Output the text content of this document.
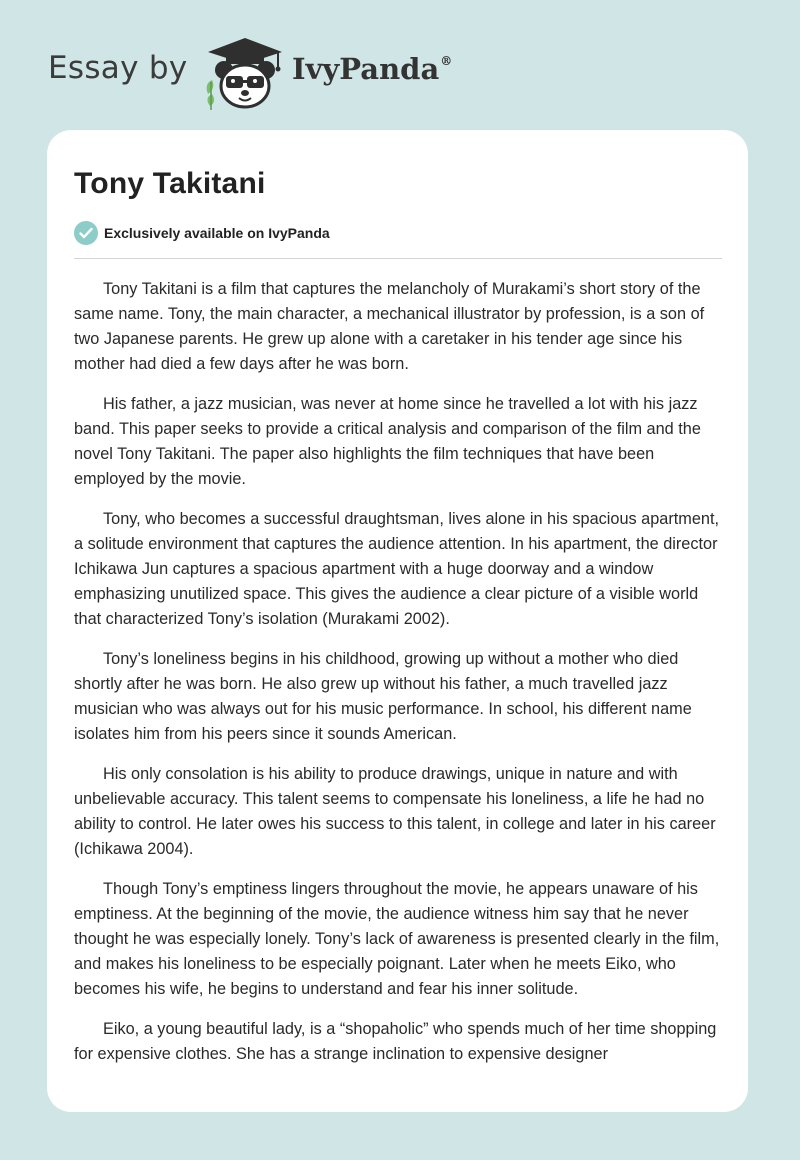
Essay by	IvyPanda®
Tony Takitani
Exclusively available on IvyPanda

Tony Takitani is a film that captures the melancholy of Murakami’s short story of the same name. Tony, the main character, a mechanical illustrator by profession, is a son of two Japanese parents. He grew up alone with a caretaker in his tender age since his mother had died a few days after he was born.

His father, a jazz musician, was never at home since he travelled a lot with his jazz band. This paper seeks to provide a critical analysis and comparison of the film and the novel Tony Takitani. The paper also highlights the film techniques that have been employed by the movie.

Tony, who becomes a successful draughtsman, lives alone in his spacious apartment, a solitude environment that captures the audience attention. In his apartment, the director Ichikawa Jun captures a spacious apartment with a huge doorway and a window emphasizing unutilized space. This gives the audience a clear picture of a visible world that characterized Tony’s isolation (Murakami 2002).

Tony’s loneliness begins in his childhood, growing up without a mother who died shortly after he was born. He also grew up without his father, a much travelled jazz musician who was always out for his music performance. In school, his different name isolates him from his peers since it sounds American.

His only consolation is his ability to produce drawings, unique in nature and with unbelievable accuracy. This talent seems to compensate his loneliness, a life he had no ability to control. He later owes his success to this talent, in college and later in his career (Ichikawa 2004).

Though Tony’s emptiness lingers throughout the movie, he appears unaware of his emptiness. At the beginning of the movie, the audience witness him say that he never thought he was especially lonely. Tony’s lack of awareness is presented clearly in the film, and makes his loneliness to be especially poignant. Later when he meets Eiko, who becomes his wife, he begins to understand and fear his inner solitude.

Eiko, a young beautiful lady, is a “shopaholic” who spends much of her time shopping for expensive clothes. She has a strange inclination to expensive designer
